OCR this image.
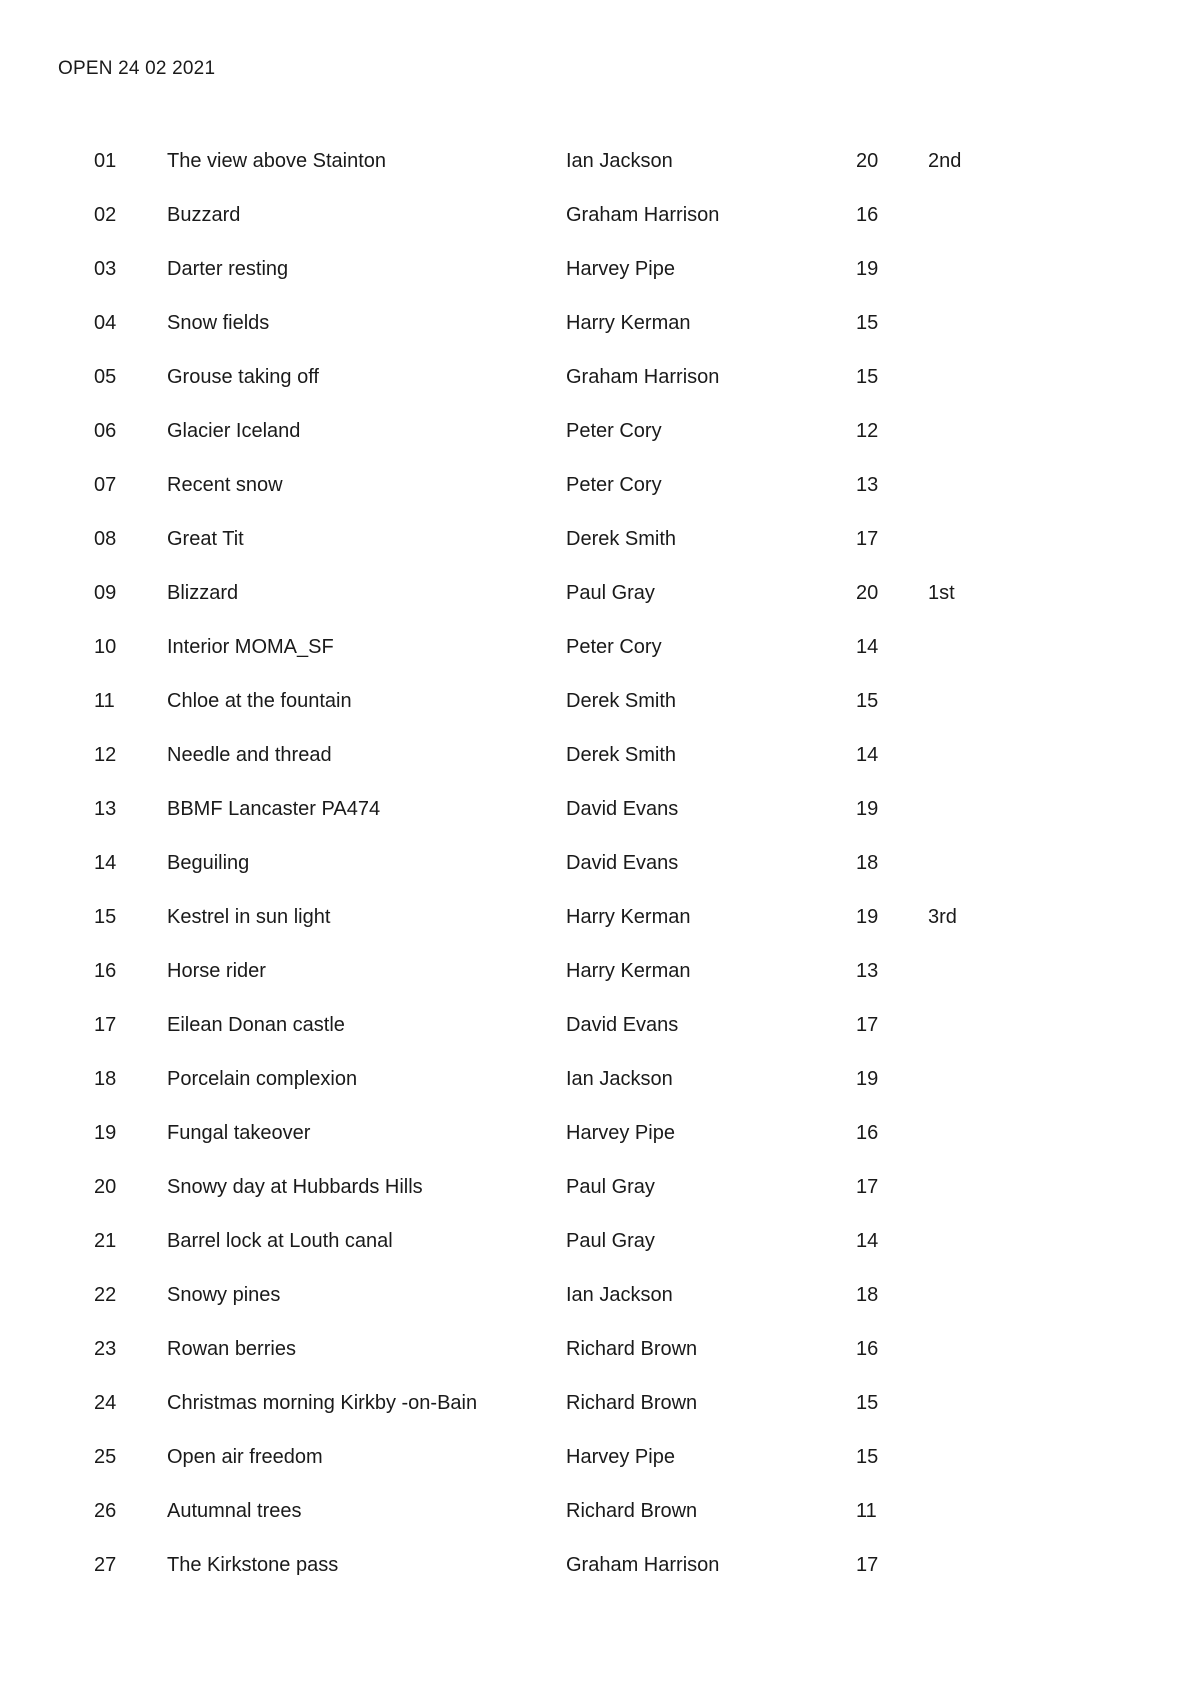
OPEN 24 02 2021
01	The view above Stainton	Ian Jackson	20 2nd
02	Buzzard	Graham Harrison	16
03	Darter resting	Harvey Pipe	19
04	Snow fields	Harry Kerman	15
05	Grouse taking off	Graham Harrison	15
06	Glacier Iceland	Peter Cory	12
07	Recent snow	Peter Cory	13
08	Great Tit	Derek Smith	17
09	Blizzard	Paul Gray	20 1st
10	Interior MOMA_SF	Peter Cory	14
11	Chloe at the fountain	Derek Smith	15
12	Needle and thread	Derek Smith	14
13	BBMF Lancaster PA474	David Evans	19
14	Beguiling	David Evans	18
15	Kestrel in sun light	Harry Kerman	19 3rd
16	Horse rider	Harry Kerman	13
17	Eilean Donan castle	David Evans	17
18	Porcelain complexion	Ian Jackson	19
19	Fungal takeover	Harvey Pipe	16
20	Snowy day at Hubbards Hills	Paul Gray	17
21	Barrel lock at Louth canal	Paul Gray	14
22	Snowy pines	Ian Jackson	18
23	Rowan berries	Richard Brown	16
24	Christmas morning Kirkby -on-Bain	Richard Brown	15
25	Open air freedom	Harvey Pipe	15
26	Autumnal trees	Richard Brown	11
27	The Kirkstone pass	Graham Harrison	17
